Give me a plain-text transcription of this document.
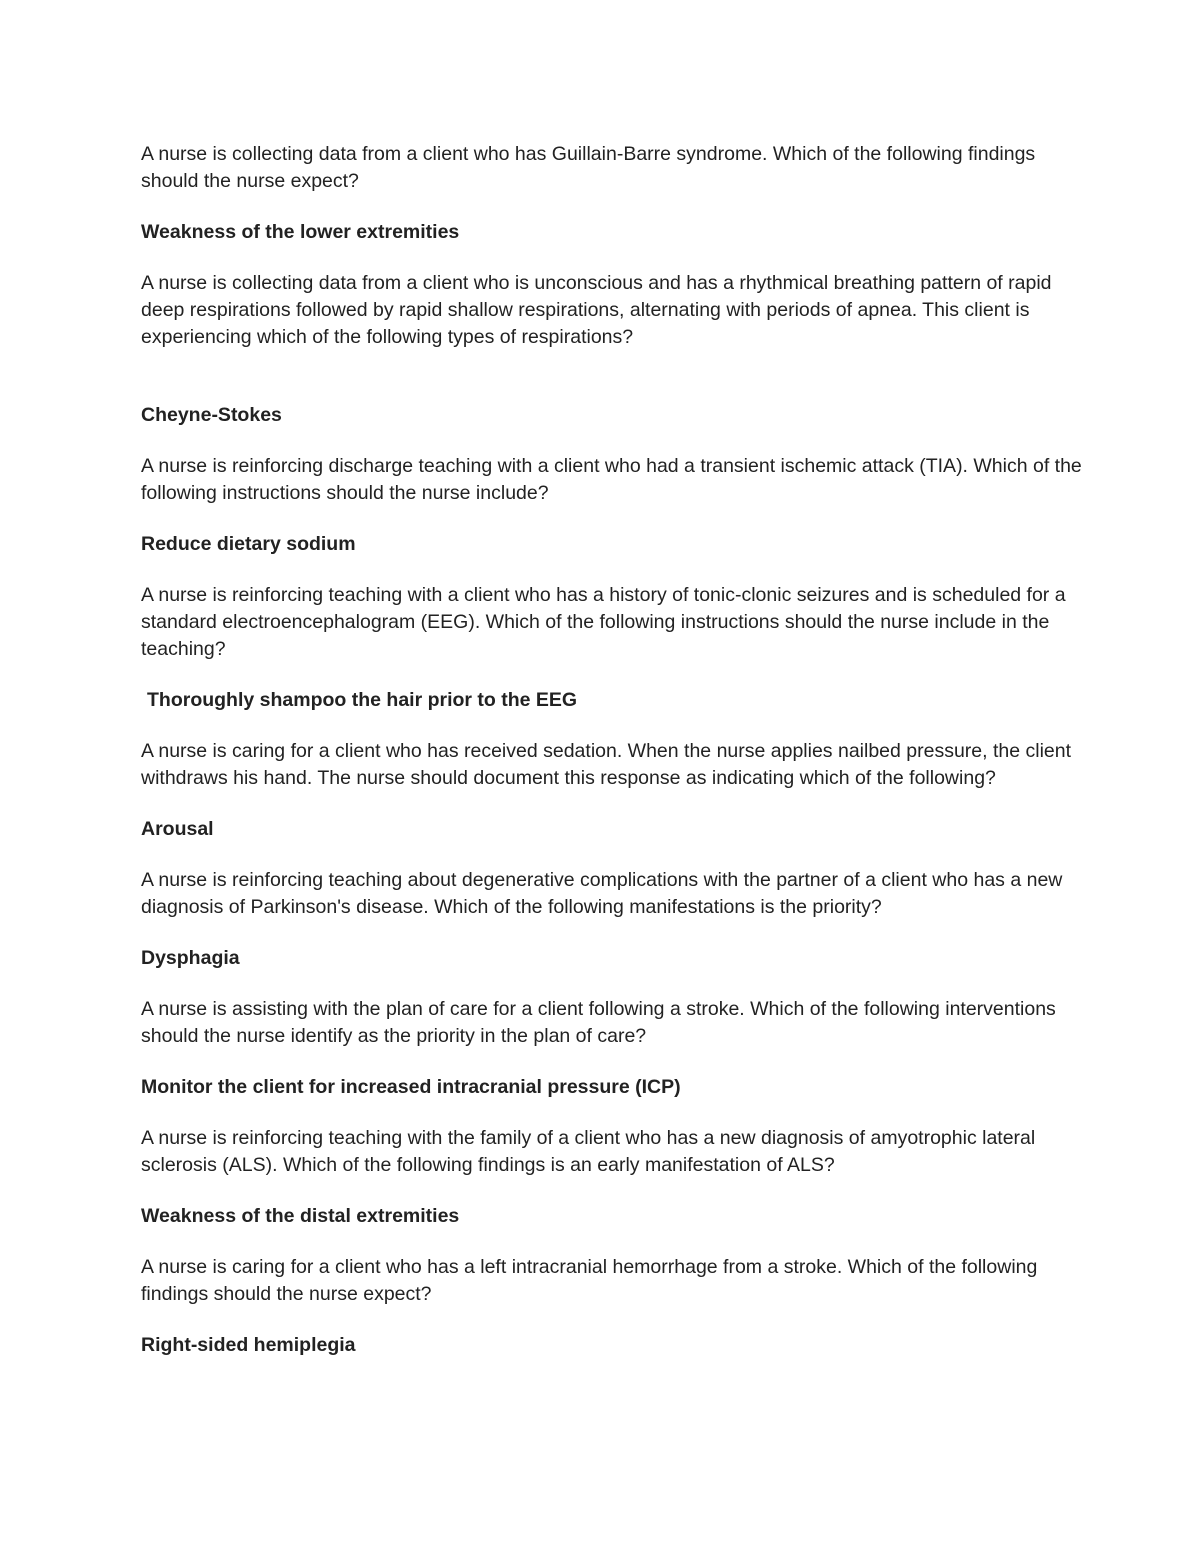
A nurse is collecting data from a client who has Guillain-Barre syndrome. Which of the following findings should the nurse expect?

Weakness of the lower extremities

A nurse is collecting data from a client who is unconscious and has a rhythmical breathing pattern of rapid deep respirations followed by rapid shallow respirations, alternating with periods of apnea. This client is experiencing which of the following types of respirations?

Cheyne-Stokes

A nurse is reinforcing discharge teaching with a client who had a transient ischemic attack (TIA). Which of the following instructions should the nurse include?

Reduce dietary sodium

A nurse is reinforcing teaching with a client who has a history of tonic-clonic seizures and is scheduled for a standard electroencephalogram (EEG). Which of the following instructions should the nurse include in the teaching?

Thoroughly shampoo the hair prior to the EEG

A nurse is caring for a client who has received sedation. When the nurse applies nailbed pressure, the client withdraws his hand. The nurse should document this response as indicating which of the following?

Arousal

A nurse is reinforcing teaching about degenerative complications with the partner of a client who has a new diagnosis of Parkinson's disease. Which of the following manifestations is the priority?

Dysphagia

A nurse is assisting with the plan of care for a client following a stroke. Which of the following interventions should the nurse identify as the priority in the plan of care?

Monitor the client for increased intracranial pressure (ICP)

A nurse is reinforcing teaching with the family of a client who has a new diagnosis of amyotrophic lateral sclerosis (ALS). Which of the following findings is an early manifestation of ALS?

Weakness of the distal extremities

A nurse is caring for a client who has a left intracranial hemorrhage from a stroke. Which of the following findings should the nurse expect?

Right-sided hemiplegia
